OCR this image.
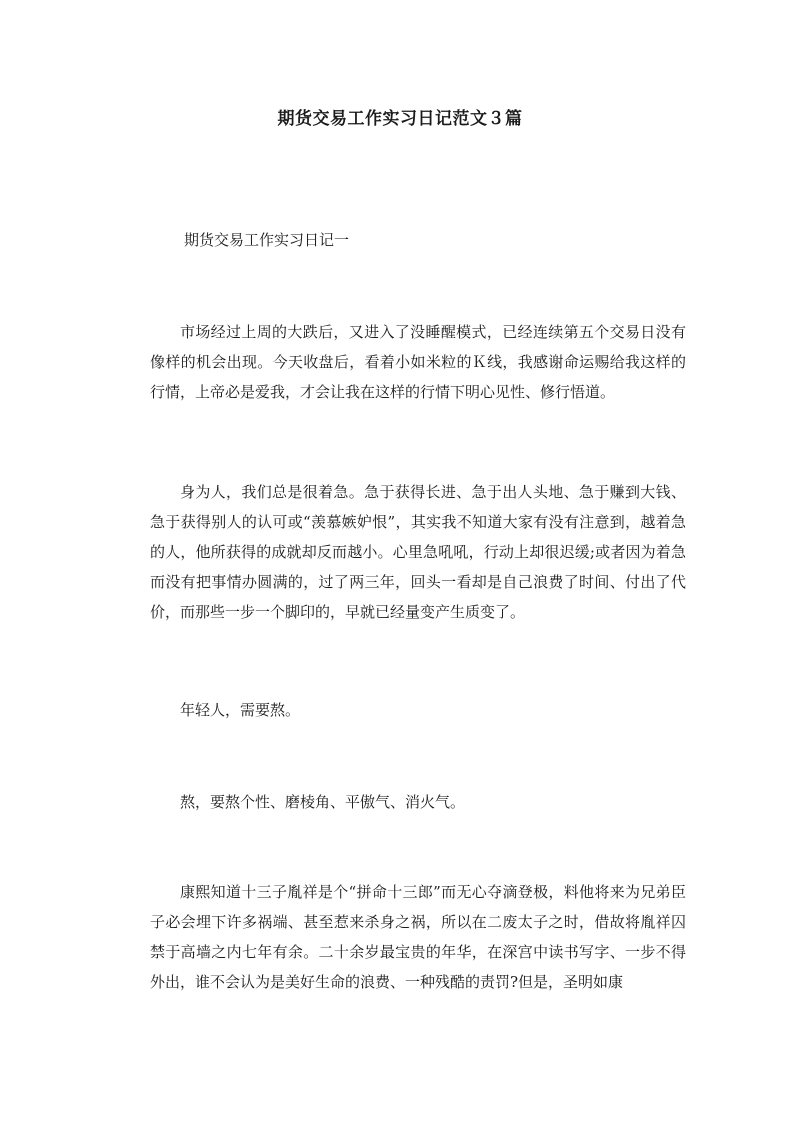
期货交易工作实习日记范文３篇
期货交易工作实习日记一

市场经过上周的大跌后，又进入了没睡醒模式，已经连续第五个交易日没有像样的机会出现。今天收盘后，看着小如米粒的Ｋ线，我感谢命运赐给我这样的行情，上帝必是爱我，才会让我在这样的行情下明心见性、修行悟道。

身为人，我们总是很着急。急于获得长进、急于出人头地、急于赚到大钱、急于获得别人的认可或“羡慕嫉妒恨”，其实我不知道大家有没有注意到，越着急的人，他所获得的成就却反而越小。心里急吼吼，行动上却很迟缓;或者因为着急而没有把事情办圆满的，过了两三年，回头一看却是自己浪费了时间、付出了代价，而那些一步一个脚印的，早就已经量变产生质变了。

年轻人，需要熬。

熬，要熬个性、磨棱角、平傲气、消火气。

康熙知道十三子胤祥是个“拼命十三郎”而无心夺滴登极，料他将来为兄弟臣子必会埋下许多祸端、甚至惹来杀身之祸，所以在二废太子之时，借故将胤祥囚禁于高墙之内七年有余。二十余岁最宝贵的年华，在深宫中读书写字、一步不得外出，谁不会认为是美好生命的浪费、一种残酷的责罚?但是，圣明如康
